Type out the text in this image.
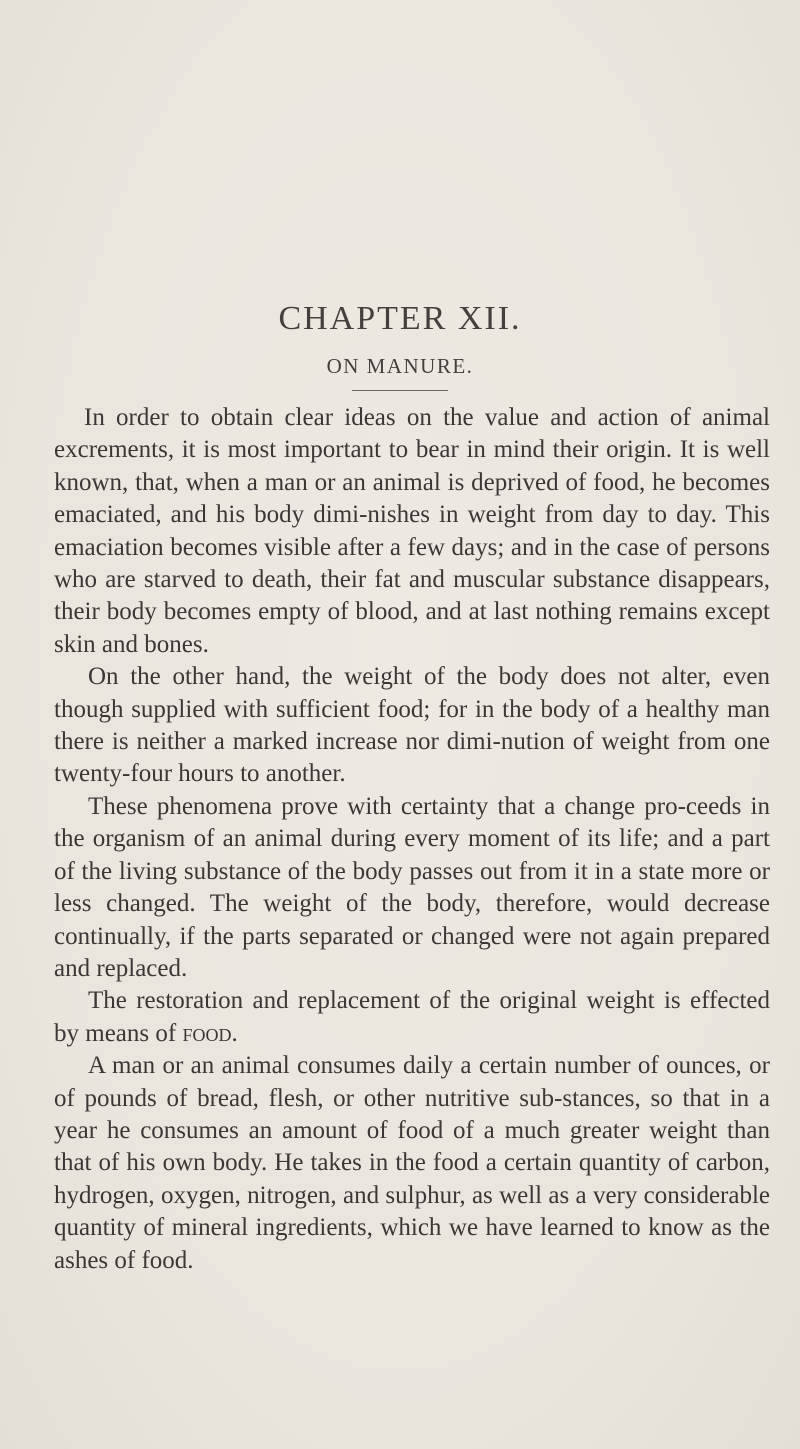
CHAPTER XII.
ON MANURE.

In order to obtain clear ideas on the value and action of animal excrements, it is most important to bear in mind their origin. It is well known, that, when a man or an animal is deprived of food, he becomes emaciated, and his body dimi-nishes in weight from day to day. This emaciation becomes visible after a few days; and in the case of persons who are starved to death, their fat and muscular substance disappears, their body becomes empty of blood, and at last nothing remains except skin and bones.

On the other hand, the weight of the body does not alter, even though supplied with sufficient food; for in the body of a healthy man there is neither a marked increase nor dimi-nution of weight from one twenty-four hours to another.

These phenomena prove with certainty that a change pro-ceeds in the organism of an animal during every moment of its life; and a part of the living substance of the body passes out from it in a state more or less changed. The weight of the body, therefore, would decrease continually, if the parts separated or changed were not again prepared and replaced.

The restoration and replacement of the original weight is effected by means of food.

A man or an animal consumes daily a certain number of ounces, or of pounds of bread, flesh, or other nutritive sub-stances, so that in a year he consumes an amount of food of a much greater weight than that of his own body. He takes in the food a certain quantity of carbon, hydrogen, oxygen, nitrogen, and sulphur, as well as a very considerable quantity of mineral ingredients, which we have learned to know as the ashes of food.
